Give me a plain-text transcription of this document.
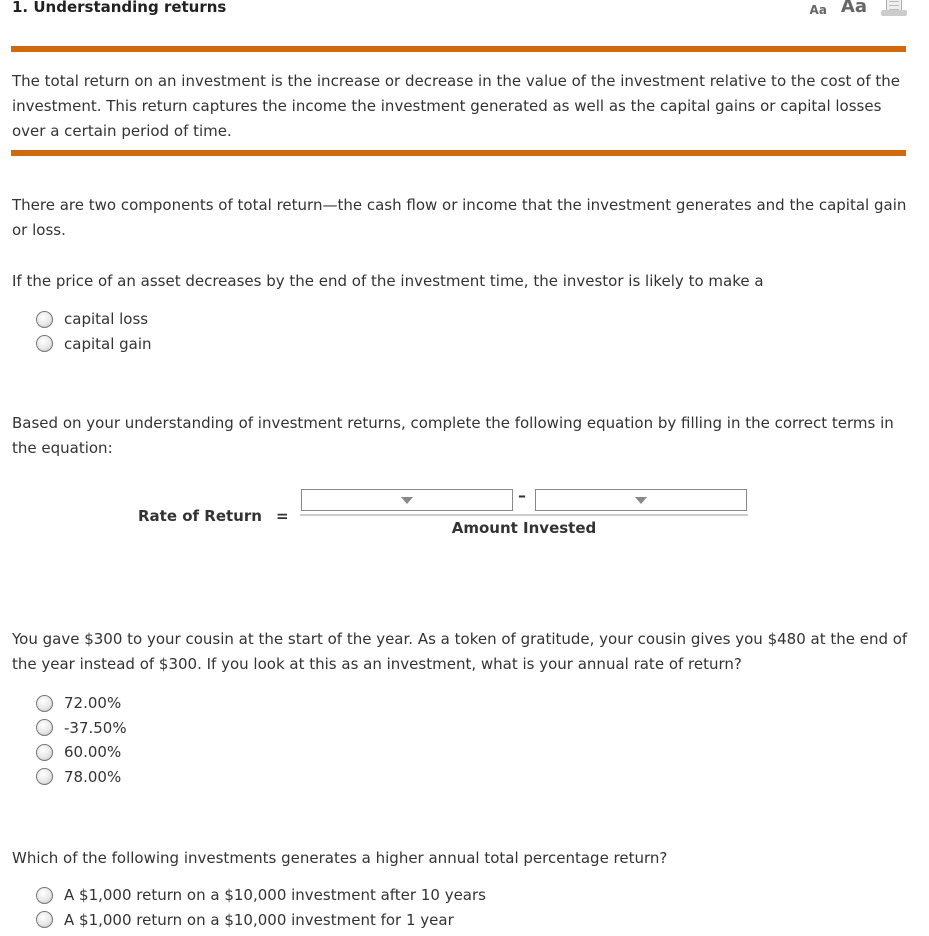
1. Understanding returns	Aa Aa
The total return on an investment is the increase or decrease in the value of the investment relative to the cost of the investment. This return captures the income the investment generated as well as the capital gains or capital losses over a certain period of time.
There are two components of total return—the cash flow or income that the investment generates and the capital gain or loss.
If the price of an asset decreases by the end of the investment time, the investor is likely to make a
capital loss
capital gain
Based on your understanding of investment returns, complete the following equation by filling in the correct terms in the equation:
Rate of Return =
–
Amount Invested
You gave $300 to your cousin at the start of the year. As a token of gratitude, your cousin gives you $480 at the end of the year instead of $300. If you look at this as an investment, what is your annual rate of return?
72.00%
-37.50%
60.00%
78.00%
Which of the following investments generates a higher annual total percentage return?
A $1,000 return on a $10,000 investment after 10 years
A $1,000 return on a $10,000 investment for 1 year
